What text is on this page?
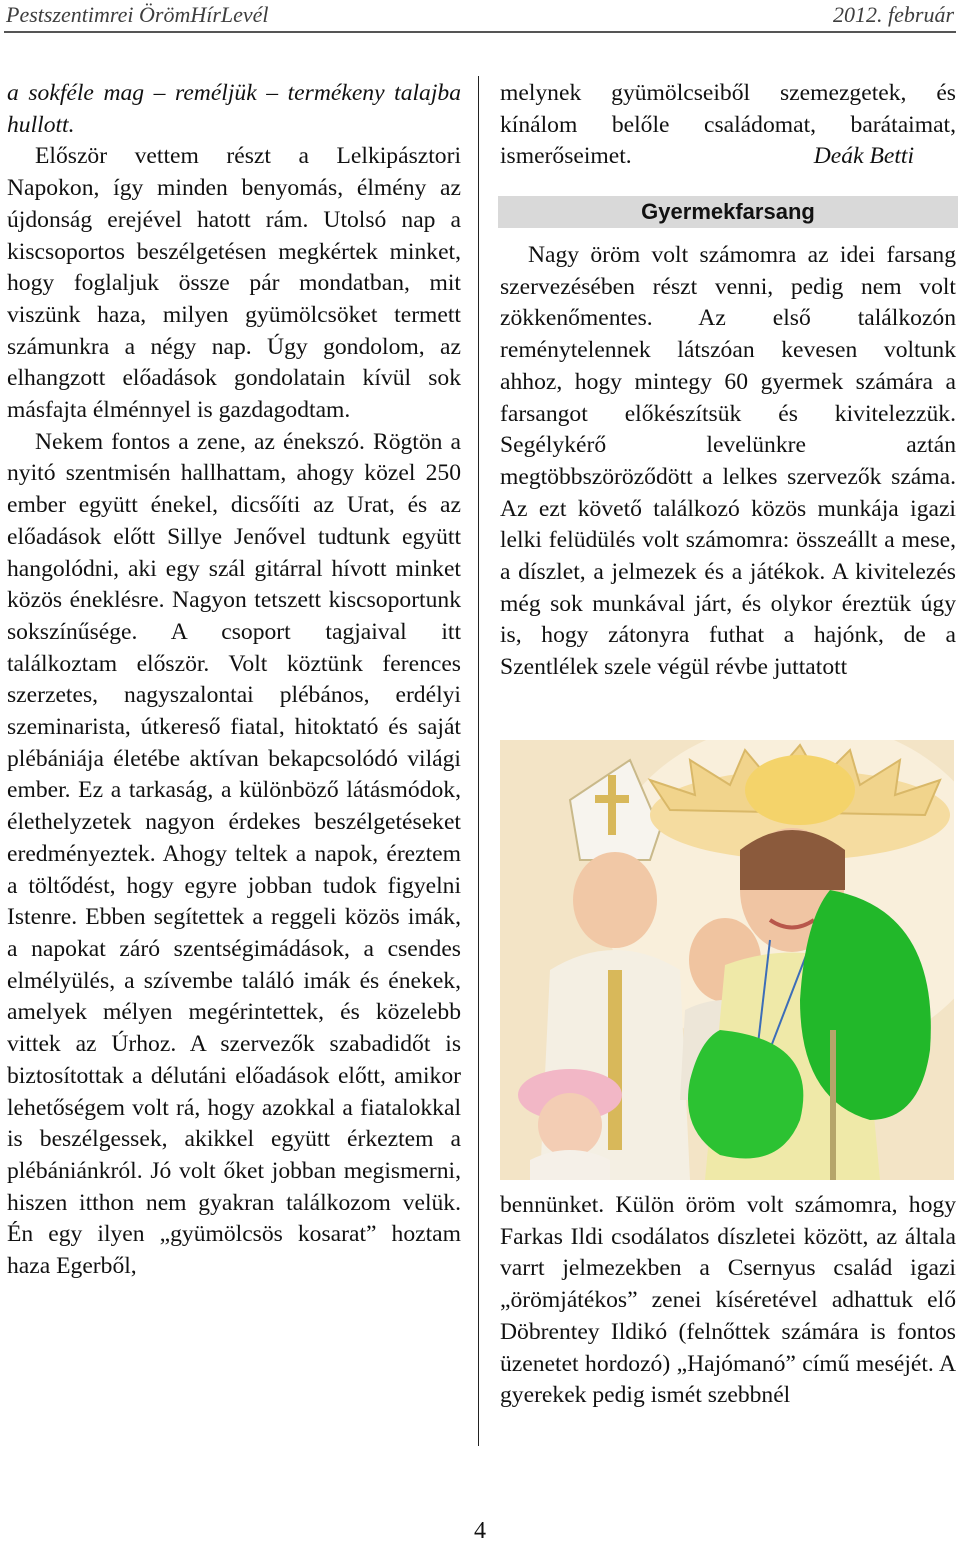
Pestszentimrei ÖrömHírLevél	2012. február

a sokféle mag – reméljük – termékeny talajba hullott.

Először vettem részt a Lelkipásztori Napokon, így minden benyomás, élmény az újdonság erejével hatott rám. Utolsó nap a kiscsoportos beszélgetésen megkértek minket, hogy foglaljuk össze pár mondatban, mit viszünk haza, milyen gyümölcsöket termett számunkra a négy nap. Úgy gondolom, az elhangzott előadások gondolatain kívül sok másfajta élménnyel is gazdagodtam.

Nekem fontos a zene, az énekszó. Rögtön a nyitó szentmisén hallhattam, ahogy közel 250 ember együtt énekel, dicsőíti az Urat, és az előadások előtt Sillye Jenővel tudtunk együtt hangolódni, aki egy szál gitárral hívott minket közös éneklésre. Nagyon tetszett kiscsoportunk sokszínűsége. A csoport tagjaival itt találkoztam először. Volt köztünk ferences szerzetes, nagyszalontai plébános, erdélyi szeminarista, útkereső fiatal, hitoktató és saját plébániája életébe aktívan bekapcsolódó világi ember. Ez a tarkaság, a különböző látásmódok, élethelyzetek nagyon érdekes beszélgetéseket eredményeztek. Ahogy teltek a napok, éreztem a töltődést, hogy egyre jobban tudok figyelni Istenre. Ebben segítettek a reggeli közös imák, a napokat záró szentségimádások, a csendes elmélyülés, a szívembe találó imák és énekek, amelyek mélyen megérintettek, és közelebb vittek az Úrhoz. A szervezők szabadidőt is biztosítottak a délutáni előadások előtt, amikor lehetőségem volt rá, hogy azokkal a fiatalokkal is beszélgessek, akikkel együtt érkeztem a plébániánkról. Jó volt őket jobban megismerni, hiszen itthon nem gyakran találkozom velük. Én egy ilyen „gyümölcsös kosarat” hoztam haza Egerből,

melynek gyümölcseiből szemezgetek, és kínálom belőle családomat, barátaimat, ismerőseimet.	Deák Betti

Gyermekfarsang

Nagy öröm volt számomra az idei farsang szervezésében részt venni, pedig nem volt zökkenőmentes. Az első találkozón reménytelennek látszóan kevesen voltunk ahhoz, hogy mintegy 60 gyermek számára a farsangot előkészítsük és kivitelezzük. Segélykérő levelünkre aztán megtöbbszöröződött a lelkes szervezők száma. Az ezt követő találkozó közös munkája igazi lelki felüdülés volt számomra: összeállt a mese, a díszlet, a jelmezek és a játékok. A kivitelezés még sok munkával járt, és olykor éreztük úgy is, hogy zátonyra futhat a hajónk, de a Szentlélek szele végül révbe juttatott

bennünket. Külön öröm volt számomra, hogy Farkas Ildi csodálatos díszletei között, az általa varrt jelmezekben a Csernyus család igazi „örömjátékos” zenei kíséretével adhattuk elő Döbrentey Ildikó (felnőttek számára is fontos üzenetet hordozó) „Hajómanó” című meséjét. A gyerekek pedig ismét szebbnél

4
